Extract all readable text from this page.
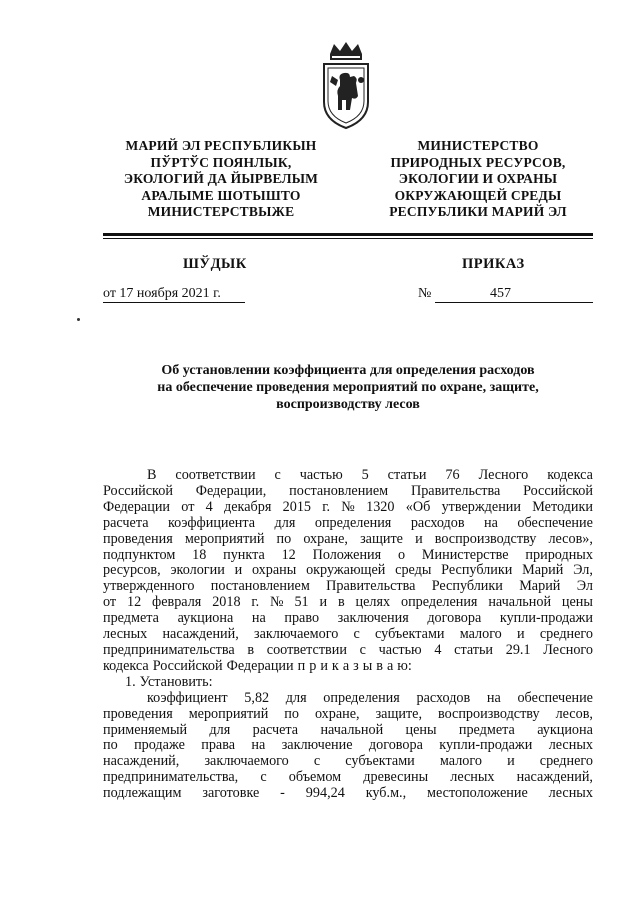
МАРИЙ ЭЛ РЕСПУБЛИКЫН
ПЎРТЎС ПОЯНЛЫК,
ЭКОЛОГИЙ ДА ЙЫРВЕЛЫМ
АРАЛЫМЕ ШОТЫШТО
МИНИСТЕРСТВЫЖЕ
МИНИСТЕРСТВО
ПРИРОДНЫХ РЕСУРСОВ,
ЭКОЛОГИИ И ОХРАНЫ
ОКРУЖАЮЩЕЙ СРЕДЫ
РЕСПУБЛИКИ МАРИЙ ЭЛ
ШЎДЫК	ПРИКАЗ
от 17 ноября 2021 г.	№	457
Об установлении коэффициента для определения расходов
на обеспечение проведения мероприятий по охране, защите,
воспроизводству лесов
В соответствии с частью 5 статьи 76 Лесного кодекса
Российской Федерации, постановлением Правительства Российской
Федерации от 4 декабря 2015 г. № 1320 «Об утверждении Методики
расчета коэффициента для определения расходов на обеспечение
проведения мероприятий по охране, защите и воспроизводству лесов»,
подпунктом 18 пункта 12 Положения о Министерстве природных
ресурсов, экологии и охраны окружающей среды Республики Марий Эл,
утвержденного постановлением Правительства Республики Марий Эл
от 12 февраля 2018 г. № 51 и в целях определения начальной цены
предмета аукциона на право заключения договора купли-продажи
лесных насаждений, заключаемого с субъектами малого и среднего
предпринимательства в соответствии с частью 4 статьи 29.1 Лесного
кодекса Российской Федерации п р и к а з ы в а ю:
1. Установить:
коэффициент 5,82 для определения расходов на обеспечение
проведения мероприятий по охране, защите, воспроизводству лесов,
применяемый для расчета начальной цены предмета аукциона
по продаже права на заключение договора купли-продажи лесных
насаждений, заключаемого с субъектами малого и среднего
предпринимательства, с объемом древесины лесных насаждений,
подлежащим заготовке - 994,24 куб.м., местоположение лесных
